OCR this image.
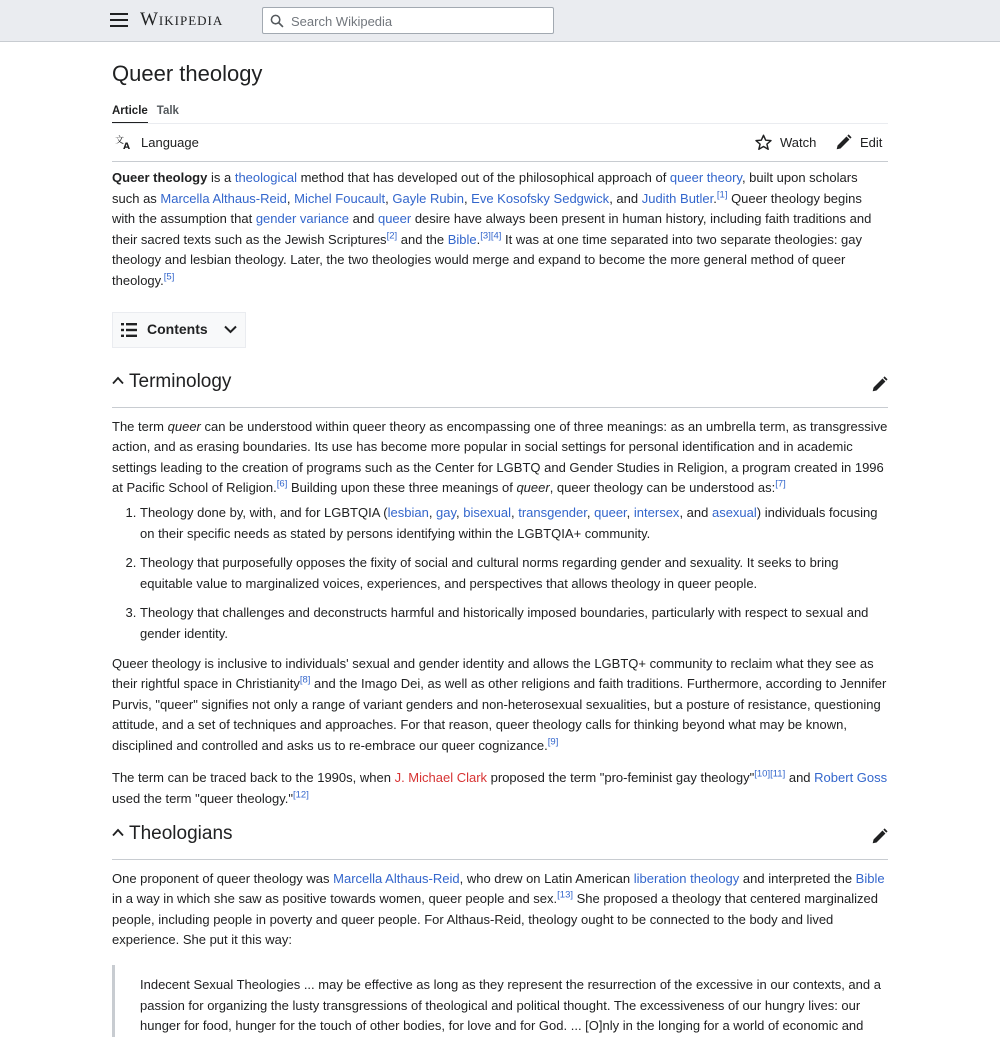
Wikipedia
Search Wikipedia
Queer theology
Article Talk
文
A Language	Watch	Edit

Queer theology is a theological method that has developed out of the philosophical approach of queer theory, built upon scholars such as Marcella Althaus-Reid, Michel Foucault, Gayle Rubin, Eve Kosofsky Sedgwick, and Judith Butler.[1] Queer theology begins with the assumption that gender variance and queer desire have always been present in human history, including faith traditions and their sacred texts such as the Jewish Scriptures[2] and the Bible.[3][4] It was at one time separated into two separate theologies: gay theology and lesbian theology. Later, the two theologies would merge and expand to become the more general method of queer theology.[5]

Contents
Terminology

The term queer can be understood within queer theory as encompassing one of three meanings: as an umbrella term, as transgressive action, and as erasing boundaries. Its use has become more popular in social settings for personal identification and in academic settings leading to the creation of programs such as the Center for LGBTQ and Gender Studies in Religion, a program created in 1996 at Pacific School of Religion.[6] Building upon these three meanings of queer, queer theology can be understood as:[7]

1. Theology done by, with, and for LGBTQIA (lesbian, gay, bisexual, transgender, queer, intersex, and asexual) individuals focusing on their specific needs as stated by persons identifying within the LGBTQIA+ community.
2. Theology that purposefully opposes the fixity of social and cultural norms regarding gender and sexuality. It seeks to bring equitable value to marginalized voices, experiences, and perspectives that allows theology in queer people.
3. Theology that challenges and deconstructs harmful and historically imposed boundaries, particularly with respect to sexual and gender identity.

Queer theology is inclusive to individuals' sexual and gender identity and allows the LGBTQ+ community to reclaim what they see as their rightful space in Christianity[8] and the Imago Dei, as well as other religions and faith traditions. Furthermore, according to Jennifer Purvis, "queer" signifies not only a range of variant genders and non-heterosexual sexualities, but a posture of resistance, questioning attitude, and a set of techniques and approaches. For that reason, queer theology calls for thinking beyond what may be known, disciplined and controlled and asks us to re-embrace our queer cognizance.[9]

The term can be traced back to the 1990s, when J. Michael Clark proposed the term "pro-feminist gay theology"[10][11] and Robert Goss used the term "queer theology."[12]

Theologians

One proponent of queer theology was Marcella Althaus-Reid, who drew on Latin American liberation theology and interpreted the Bible in a way in which she saw as positive towards women, queer people and sex.[13] She proposed a theology that centered marginalized people, including people in poverty and queer people. For Althaus-Reid, theology ought to be connected to the body and lived experience. She put it this way:

Indecent Sexual Theologies ... may be effective as long as they represent the resurrection of the excessive in our contexts, and a passion for organizing the lusty transgressions of theological and political thought. The excessiveness of our hungry lives: our hunger for food, hunger for the touch of other bodies, for love and for God. ... [O]nly in the longing for a world of economic and
